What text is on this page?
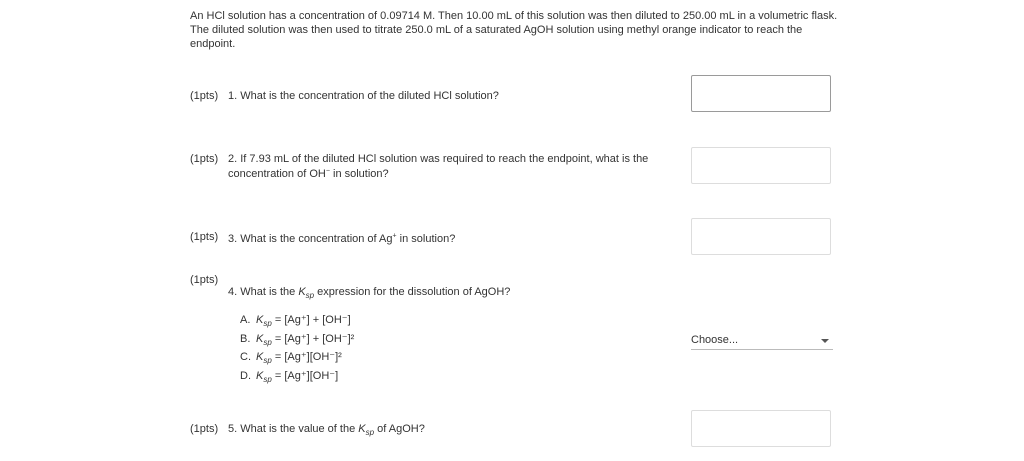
An HCl solution has a concentration of 0.09714 M. Then 10.00 mL of this solution was then diluted to 250.00 mL in a volumetric flask. The diluted solution was then used to titrate 250.0 mL of a saturated AgOH solution using methyl orange indicator to reach the endpoint.
(1pts) 1. What is the concentration of the diluted HCl solution?
(1pts) 2. If 7.93 mL of the diluted HCl solution was required to reach the endpoint, what is the
concentration of OH− in solution?
(1pts) 3. What is the concentration of Ag+ in solution?
(1pts)
4. What is the $K_{sp}$ expression for the dissolution of AgOH?
A. $K_{sp} = [Ag^+] + [OH^-]$
B. $K_{sp} = [Ag^+] + [OH^-]^2$
C. $K_{sp} = [Ag^+][OH^-]^2$
D. $K_{sp} = [Ag^+][OH^-]$
Choose...
(1pts) 5. What is the value of the $K_{sp}$ of AgOH?
